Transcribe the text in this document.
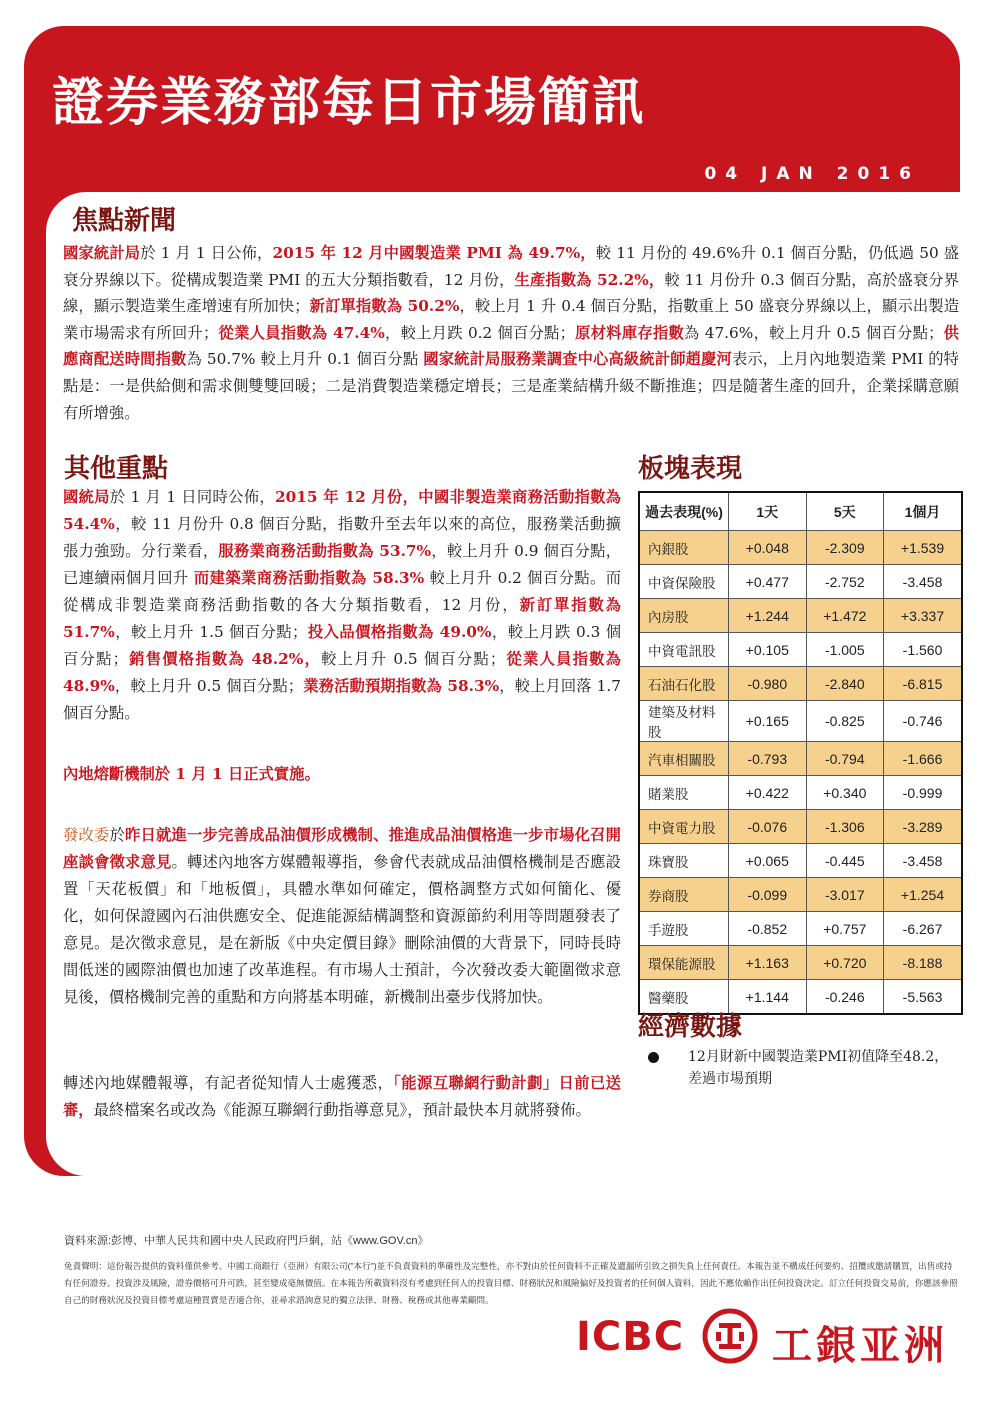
證券業務部每日市場簡訊
04 JAN 2016
焦點新聞

國家統計局於 1 月 1 日公佈，2015 年 12 月中國製造業 PMI 為 49.7%，較 11 月份的 49.6%升 0.1 個百分點，仍低過 50 盛衰分界線以下。從構成製造業 PMI 的五大分類指數看，12 月份，生產指數為 52.2%，較 11 月份升 0.3 個百分點，高於盛衰分界線，顯示製造業生產增速有所加快；新訂單指數為 50.2%，較上月 1 升 0.4 個百分點，指數重上 50 盛衰分界線以上，顯示出製造業市場需求有所回升；從業人員指數為 47.4%，較上月跌 0.2 個百分點；原材料庫存指數為 47.6%，較上月升 0.5 個百分點；供應商配送時間指數為 50.7% 較上月升 0.1 個百分點 國家統計局服務業調查中心高級統計師趙慶河表示，上月內地製造業 PMI 的特點是：一是供給側和需求側雙雙回暖；二是消費製造業穩定增長；三是產業結構升級不斷推進；四是隨著生產的回升，企業採購意願有所增強。

其他重點

國統局於 1 月 1 日同時公佈，2015 年 12 月份，中國非製造業商務活動指數為 54.4%，較 11 月份升 0.8 個百分點，指數升至去年以來的高位，服務業活動擴張力強勁。分行業看，服務業商務活動指數為 53.7%，較上月升 0.9 個百分點，已連續兩個月回升 而建築業商務活動指數為 58.3% 較上月升 0.2 個百分點。而從構成非製造業商務活動指數的各大分類指數看，12 月份，新訂單指數為 51.7%，較上月升 1.5 個百分點；投入品價格指數為 49.0%，較上月跌 0.3 個百分點；銷售價格指數為 48.2%，較上月升 0.5 個百分點；從業人員指數為 48.9%，較上月升 0.5 個百分點；業務活動預期指數為 58.3%，較上月回落 1.7 個百分點。

內地熔斷機制於 1 月 1 日正式實施。

發改委於昨日就進一步完善成品油價形成機制、推進成品油價格進一步市場化召開座談會徵求意見。轉述內地客方媒體報導指，參會代表就成品油價格機制是否應設置「天花板價」和「地板價」，具體水準如何確定，價格調整方式如何簡化、優化，如何保證國內石油供應安全、促進能源結構調整和資源節約利用等問題發表了意見。是次徵求意見，是在新版《中央定價目錄》刪除油價的大背景下，同時長時間低迷的國際油價也加速了改革進程。有市場人士預計，今次發改委大範圍徵求意見後，價格機制完善的重點和方向將基本明確，新機制出臺步伐將加快。

轉述內地媒體報導，有記者從知情人士處獲悉，「能源互聯網行動計劃」日前已送審，最終檔案名或改為《能源互聯網行動指導意見》，預計最快本月就將發佈。

板塊表現
過去表現(%)	1天	5天	1個月
內銀股	+0.048	-2.309	+1.539
中資保險股	+0.477	-2.752	-3.458
內房股	+1.244	+1.472	+3.337
中資電訊股	+0.105	-1.005	-1.560
石油石化股	-0.980	-2.840	-6.815
建築及材料股	+0.165	-0.825	-0.746
汽車相關股	-0.793	-0.794	-1.666
賭業股	+0.422	+0.340	-0.999
中資電力股	-0.076	-1.306	-3.289
珠寶股	+0.065	-0.445	-3.458
券商股	-0.099	-3.017	+1.254
手遊股	-0.852	+0.757	-6.267
環保能源股	+1.163	+0.720	-8.188
醫藥股	+1.144	-0.246	-5.563
經濟數據

12月財新中國製造業PMI初值降至48.2，差過市場預期

資料來源:彭博、中華人民共和國中央人民政府門戶網，站《www.GOV.cn》

免責聲明：這份報告提供的資料僅供參考。中國工商銀行（亞洲）有限公司("本行")並不負責資料的準確性及完整性，亦不對由於任何資料不正確及遺漏所引致之損失負上任何責任。本報告並不構成任何要約、招攬或邀請購買，出售或持有任何證券。投資涉及風險，證券價格可升可跌，甚至變成毫無價值。在本報告所載資料沒有考慮到任何人的投資目標、財務狀況和風險偏好及投資者的任何個人資料，因此不應依賴作出任何投資決定。訂立任何投資交易前，你應該參照自己的財務狀況及投資目標考慮這種買賣是否適合你，並尋求諮詢意見的獨立法律、財務、稅務或其他專業顧問。

ICBC 工銀亚洲
